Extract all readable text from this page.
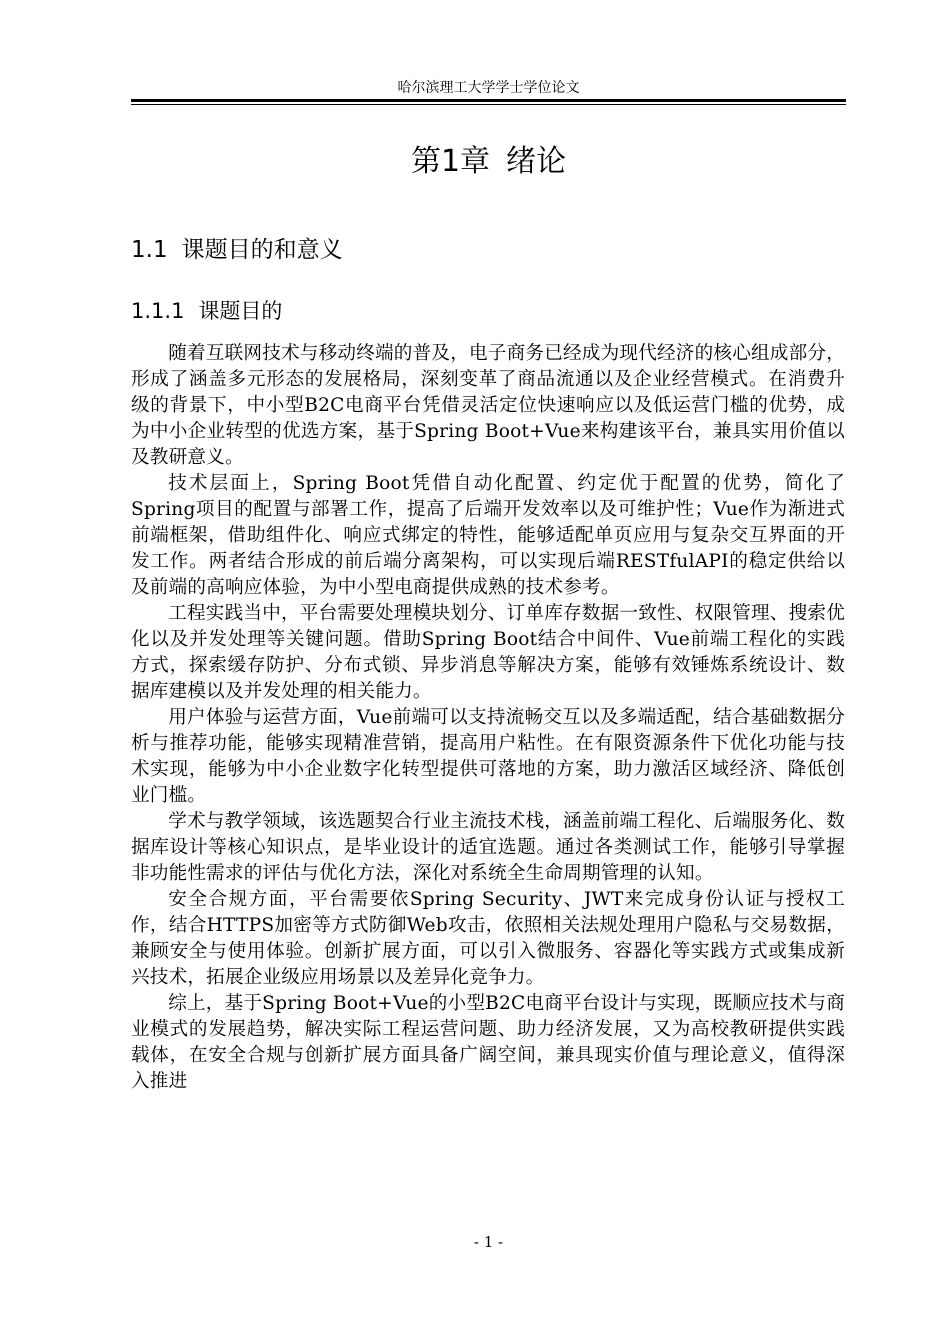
哈尔滨理工大学学士学位论文
第1章 绪论
1.1 课题目的和意义
1.1.1 课题目的

随着互联网技术与移动终端的普及，电子商务已经成为现代经济的核心组成部分，形成了涵盖多元形态的发展格局，深刻变革了商品流通以及企业经营模式。在消费升级的背景下，中小型B2C电商平台凭借灵活定位快速响应以及低运营门槛的优势，成为中小企业转型的优选方案，基于Spring Boot+Vue来构建该平台，兼具实用价值以及教研意义。

技术层面上，Spring Boot凭借自动化配置、约定优于配置的优势，简化了Spring项目的配置与部署工作，提高了后端开发效率以及可维护性；Vue作为渐进式前端框架，借助组件化、响应式绑定的特性，能够适配单页应用与复杂交互界面的开发工作。两者结合形成的前后端分离架构，可以实现后端RESTfulAPI的稳定供给以及前端的高响应体验，为中小型电商提供成熟的技术参考。

工程实践当中，平台需要处理模块划分、订单库存数据一致性、权限管理、搜索优化以及并发处理等关键问题。借助Spring Boot结合中间件、Vue前端工程化的实践方式，探索缓存防护、分布式锁、异步消息等解决方案，能够有效锤炼系统设计、数据库建模以及并发处理的相关能力。

用户体验与运营方面，Vue前端可以支持流畅交互以及多端适配，结合基础数据分析与推荐功能，能够实现精准营销，提高用户粘性。在有限资源条件下优化功能与技术实现，能够为中小企业数字化转型提供可落地的方案，助力激活区域经济、降低创业门槛。

学术与教学领域，该选题契合行业主流技术栈，涵盖前端工程化、后端服务化、数据库设计等核心知识点，是毕业设计的适宜选题。通过各类测试工作，能够引导掌握非功能性需求的评估与优化方法，深化对系统全生命周期管理的认知。

安全合规方面，平台需要依Spring Security、JWT来完成身份认证与授权工作，结合HTTPS加密等方式防御Web攻击，依照相关法规处理用户隐私与交易数据，兼顾安全与使用体验。创新扩展方面，可以引入微服务、容器化等实践方式或集成新兴技术，拓展企业级应用场景以及差异化竞争力。

综上，基于Spring Boot+Vue的小型B2C电商平台设计与实现，既顺应技术与商业模式的发展趋势，解决实际工程运营问题、助力经济发展，又为高校教研提供实践载体，在安全合规与创新扩展方面具备广阔空间，兼具现实价值与理论意义，值得深入推进

- 1 -
